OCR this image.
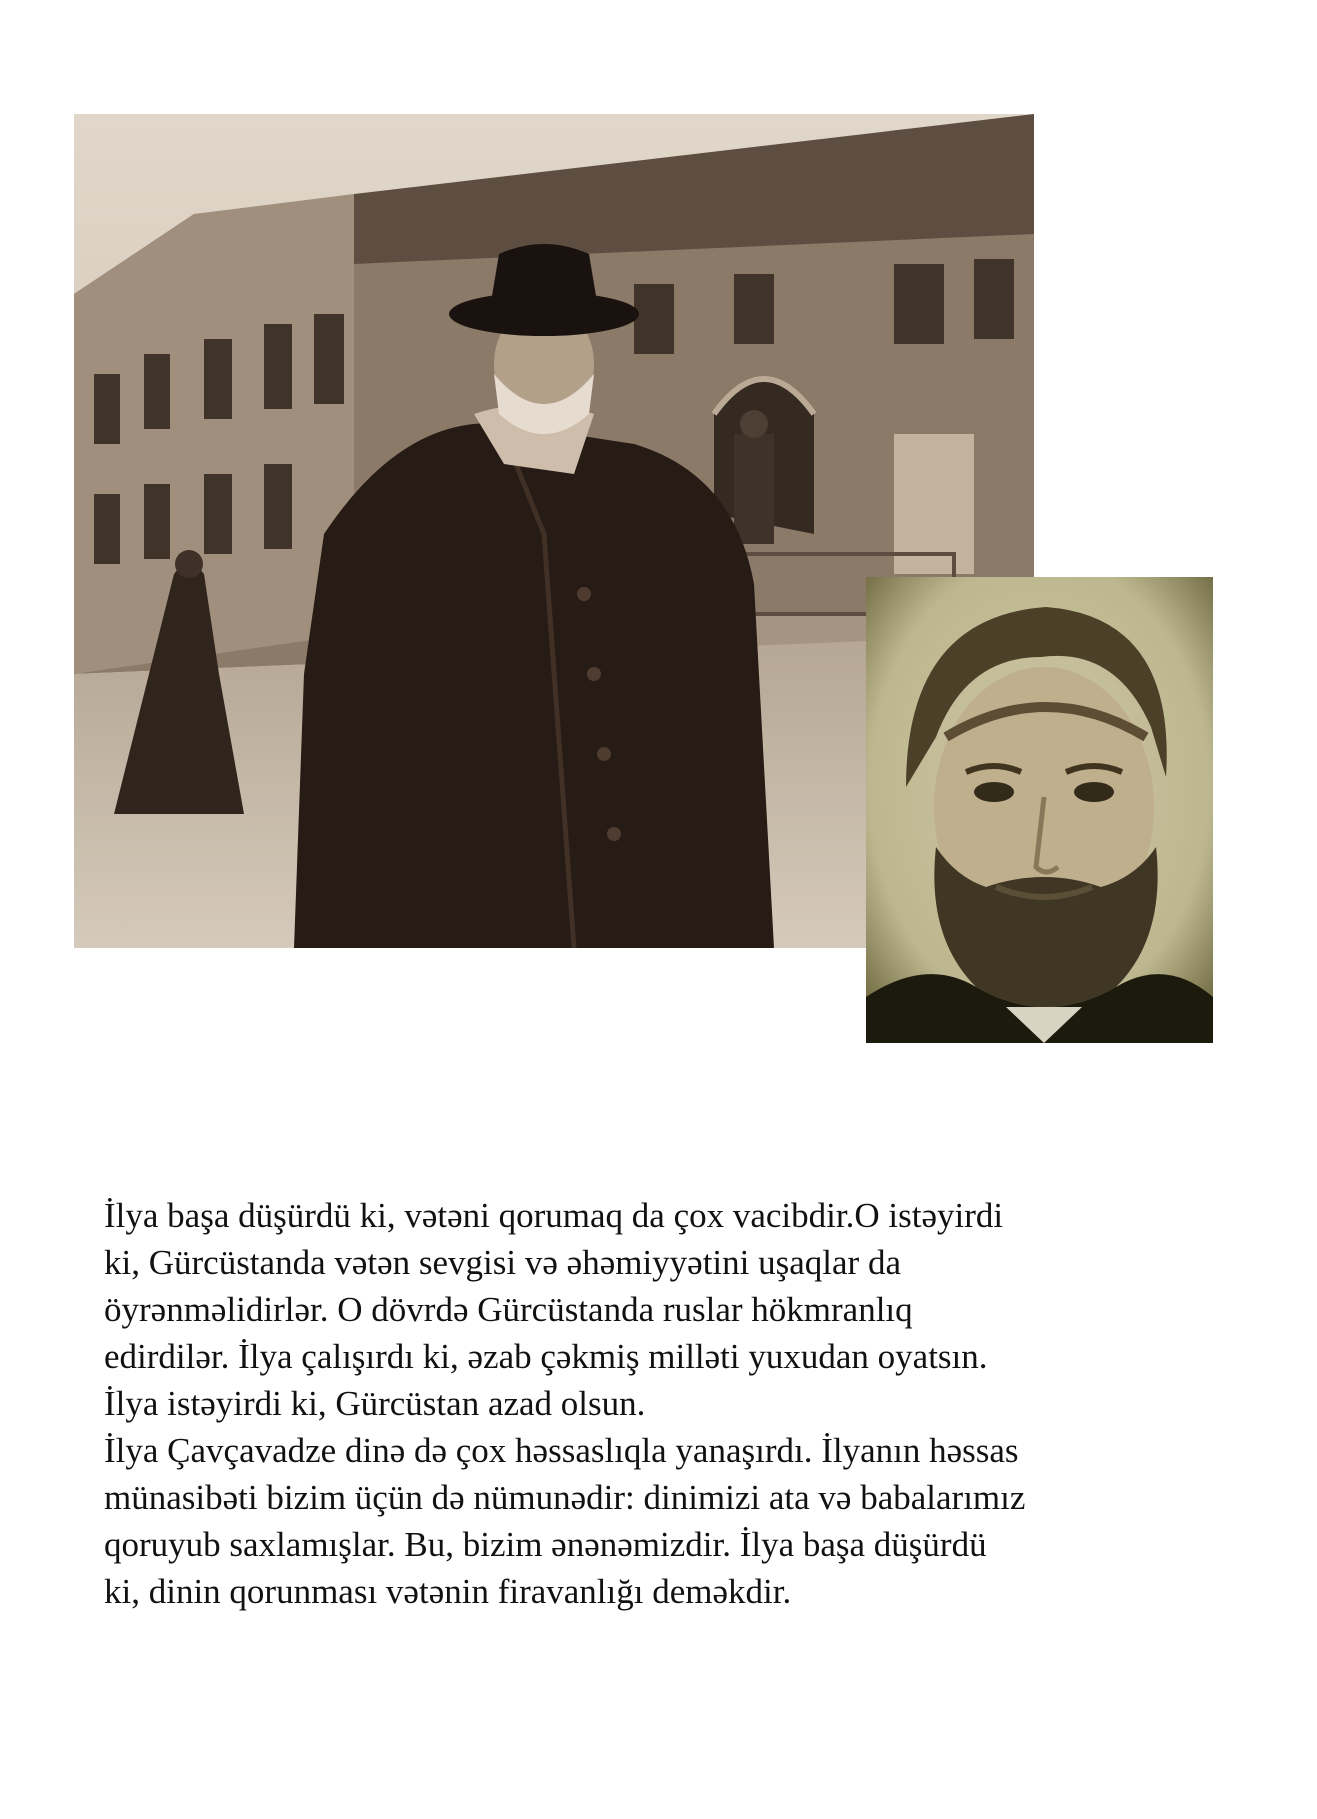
İlya başa düşürdü ki, vətəni qorumaq da çox vacibdir.O istəyirdi
ki, Gürcüstanda vətən sevgisi və əhəmiyyətini uşaqlar da
öyrənməlidirlər. O dövrdə Gürcüstanda ruslar hökmranlıq
edirdilər. İlya çalışırdı ki, əzab çəkmiş milləti yuxudan oyatsın.
İlya istəyirdi ki, Gürcüstan azad olsun.

İlya Çavçavadze dinə də çox həssaslıqla yanaşırdı. İlyanın həssas
münasibəti bizim üçün də nümunədir: dinimizi ata və babalarımız
qoruyub saxlamışlar. Bu, bizim ənənəmizdir. İlya başa düşürdü
ki, dinin qorunması vətənin firavanlığı deməkdir.
